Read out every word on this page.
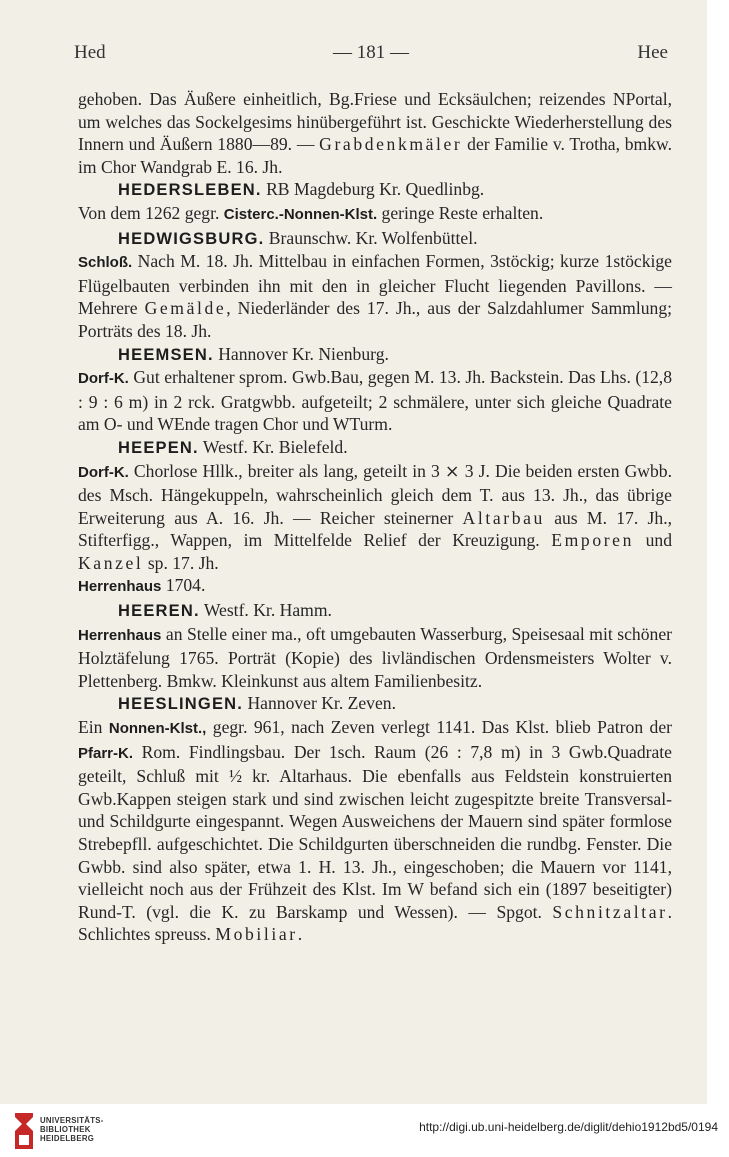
Hed	— 181 —	Hee

gehoben. Das Äußere einheitlich, Bg.Friese und Ecksäulchen; reizendes NPortal, um welches das Sockelgesims hinübergeführt ist. Geschickte Wiederherstellung des Innern und Äußern 1880—89. — Grabdenkmäler der Familie v. Trotha, bmkw. im Chor Wandgrab E. 16. Jh.

HEDERSLEBEN. RB Magdeburg Kr. Quedlinbg.

Von dem 1262 gegr. Cisterc.-Nonnen-Klst. geringe Reste erhalten.

HEDWIGSBURG. Braunschw. Kr. Wolfenbüttel.

Schloß. Nach M. 18. Jh. Mittelbau in einfachen Formen, 3stöckig; kurze 1stöckige Flügelbauten verbinden ihn mit den in gleicher Flucht liegenden Pavillons. — Mehrere Gemälde, Niederländer des 17. Jh., aus der Salzdahlumer Sammlung; Porträts des 18. Jh.

HEEMSEN. Hannover Kr. Nienburg.

Dorf-K. Gut erhaltener sprom. Gwb.Bau, gegen M. 13. Jh. Backstein. Das Lhs. (12,8 : 9 : 6 m) in 2 rck. Gratgwbb. aufgeteilt; 2 schmälere, unter sich gleiche Quadrate am O- und WEnde tragen Chor und WTurm.

HEEPEN. Westf. Kr. Bielefeld.

Dorf-K. Chorlose Hllk., breiter als lang, geteilt in 3 ⨯ 3 J. Die beiden ersten Gwbb. des Msch. Hängekuppeln, wahrscheinlich gleich dem T. aus 13. Jh., das übrige Erweiterung aus A. 16. Jh. — Reicher steinerner Altarbau aus M. 17. Jh., Stifterfigg., Wappen, im Mittelfelde Relief der Kreuzigung. Emporen und Kanzel sp. 17. Jh.

Herrenhaus 1704.

HEEREN. Westf. Kr. Hamm.

Herrenhaus an Stelle einer ma., oft umgebauten Wasserburg, Speisesaal mit schöner Holztäfelung 1765. Porträt (Kopie) des livländischen Ordensmeisters Wolter v. Plettenberg. Bmkw. Kleinkunst aus altem Familienbesitz.

HEESLINGEN. Hannover Kr. Zeven.

Ein Nonnen-Klst., gegr. 961, nach Zeven verlegt 1141. Das Klst. blieb Patron der Pfarr-K. Rom. Findlingsbau. Der 1sch. Raum (26 : 7,8 m) in 3 Gwb.Quadrate geteilt, Schluß mit ½ kr. Altarhaus. Die ebenfalls aus Feldstein konstruierten Gwb.Kappen steigen stark und sind zwischen leicht zugespitzte breite Transversal- und Schildgurte eingespannt. Wegen Ausweichens der Mauern sind später formlose Strebepfll. aufgeschichtet. Die Schildgurten überschneiden die rundbg. Fenster. Die Gwbb. sind also später, etwa 1. H. 13. Jh., eingeschoben; die Mauern vor 1141, vielleicht noch aus der Frühzeit des Klst. Im W befand sich ein (1897 beseitigter) Rund-T. (vgl. die K. zu Barskamp und Wessen). — Spgot. Schnitzaltar. Schlichtes spreuss. Mobiliar.

UNIVERSITÄTS-
BIBLIOTHEK
HEIDELBERG
http://digi.ub.uni-heidelberg.de/diglit/dehio1912bd5/0194
